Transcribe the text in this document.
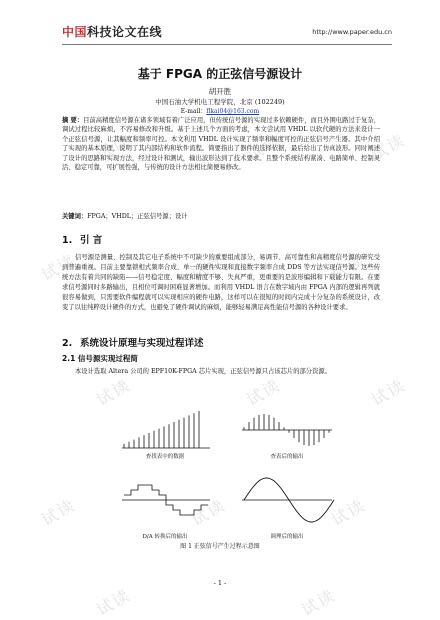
试读	试读	试读
试读	试读	试读
试读	试读	试读
试读	试读	试读
试读	试读
中国科技论文在线	http://www.paper.edu.cn
基于 FPGA 的正弦信号源设计
胡开胜
中国石油大学机电工程学院，北京 (102249)
E-mail：flkai04@163.com
摘 要：目前高精度信号源在诸多领域有着广泛应用，但传统信号源的实现过多依赖硬件，而且外围电路过于复杂，调试过程比较麻烦，不容易修改和升级。基于上述几个方面的考虑，本文尝试用 VHDL 以软代硬的方法来设计一个正弦信号源，让其幅度和频率可控。本文利用 VHDL 设计实现了频率和幅度可控的正弦信号产生器。其中介绍了实现的基本原理，说明了其内部结构和软件流程。简要指出了器件的选择依据，最后给出了仿真波形。同时阐述了设计的思路和实现方法，经过设计和测试，输出波形达到了技术要求。且整个系统结构紧凑、电路简单、控制灵活、稳定可靠，可扩展性强，与传统的设计方法相比简便易修改。
关键词：FPGA；VHDL；正弦信号源；设计
1. 引 言
信号源是测量、控制及其它电子系统中不可缺少的重要组成部分，易调节、高可靠性和高精度信号源的研究受到普遍重视。目前主要靠锁相式频率合成、单一的硬件实现和直接数字频率合成 DDS 等方法实现信号源。这些传统方法有着共同的缺陷——信号稳定度、幅度和精度不够、失真严重，更重要的是波形编辑和下载能力有限。在要求信号源同时多路输出，且相位可调时困难显著增加。而利用 VHDL 语言在数字域内由 FPGA 内部的逻辑再列就很容易做到，只需要软件编程就可以实现相应的硬件电路，这样可以在很短的时间内完成十分复杂的系统设计，改变了以往纯粹设计硬件的方式，也避免了硬件调试的麻烦，能够轻易满足高性能信号源的各种设计要求。
2. 系统设计原理与实现过程详述
2.1 信号源实现过程简
本设计选取 Altera 公司的 EPF10K-FPGA 芯片实现，正弦信号源只占该芯片的部分资源。
查找表中的数据	查表后的输出
D/A 转换后的输出	调理后的输出
图 1 正弦信号产生过程示意图
- 1 -
